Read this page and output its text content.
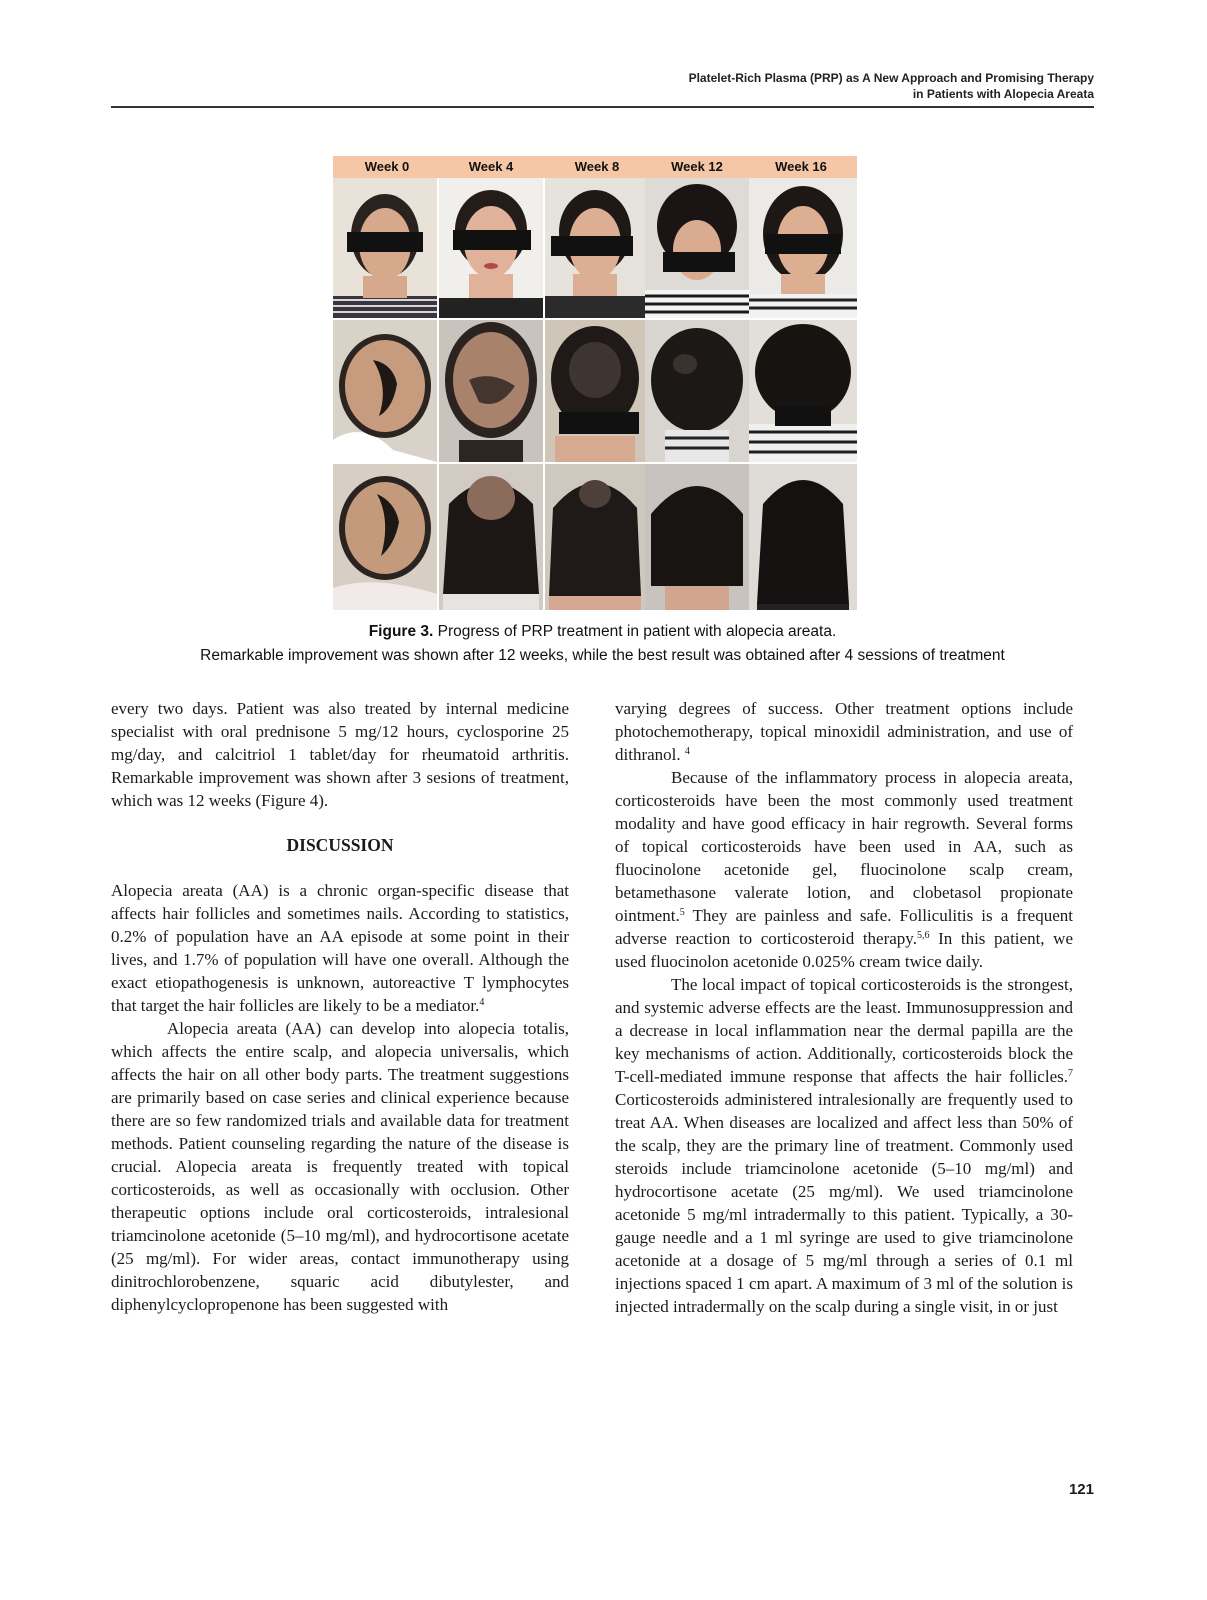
Platelet-Rich Plasma (PRP) as A New Approach and Promising Therapy
in Patients with Alopecia Areata
Week 0	Week 4	Week 8	Week 12	Week 16
Figure 3. Progress of PRP treatment in patient with alopecia areata.
Remarkable improvement was shown after 12 weeks, while the best result was obtained after 4 sessions of treatment

every two days. Patient was also treated by internal medicine specialist with oral prednisone 5 mg/12 hours, cyclosporine 25 mg/day, and calcitriol 1 tablet/day for rheumatoid arthritis. Remarkable improvement was shown after 3 sesions of treatment, which was 12 weeks (Figure 4).

DISCUSSION

Alopecia areata (AA) is a chronic organ-specific disease that affects hair follicles and sometimes nails. According to statistics, 0.2% of population have an AA episode at some point in their lives, and 1.7% of population will have one overall. Although the exact etiopathogenesis is unknown, autoreactive T lymphocytes that target the hair follicles are likely to be a mediator.$^4$

Alopecia areata (AA) can develop into alopecia totalis, which affects the entire scalp, and alopecia universalis, which affects the hair on all other body parts. The treatment suggestions are primarily based on case series and clinical experience because there are so few randomized trials and available data for treatment methods. Patient counseling regarding the nature of the disease is crucial. Alopecia areata is frequently treated with topical corticosteroids, as well as occasionally with occlusion. Other therapeutic options include oral corticosteroids, intralesional triamcinolone acetonide (5–10 mg/ml), and hydrocortisone acetate (25 mg/ml). For wider areas, contact immunotherapy using dinitrochlorobenzene, squaric acid dibutylester, and diphenylcyclopropenone has been suggested with

varying degrees of success. Other treatment options include photochemotherapy, topical minoxidil administration, and use of dithranol. $^4$

Because of the inflammatory process in alopecia areata, corticosteroids have been the most commonly used treatment modality and have good efficacy in hair regrowth. Several forms of topical corticosteroids have been used in AA, such as fluocinolone acetonide gel, fluocinolone scalp cream, betamethasone valerate lotion, and clobetasol propionate ointment.$^5$ They are painless and safe. Folliculitis is a frequent adverse reaction to corticosteroid therapy.$^{5,6}$ In this patient, we used fluocinolon acetonide 0.025% cream twice daily.

The local impact of topical corticosteroids is the strongest, and systemic adverse effects are the least. Immunosuppression and a decrease in local inflammation near the dermal papilla are the key mechanisms of action. Additionally, corticosteroids block the T-cell-mediated immune response that affects the hair follicles.$^7$ Corticosteroids administered intralesionally are frequently used to treat AA. When diseases are localized and affect less than 50% of the scalp, they are the primary line of treatment. Commonly used steroids include triamcinolone acetonide (5–10 mg/ml) and hydrocortisone acetate (25 mg/ml). We used triamcinolone acetonide 5 mg/ml intradermally to this patient. Typically, a 30-gauge needle and a 1 ml syringe are used to give triamcinolone acetonide at a dosage of 5 mg/ml through a series of 0.1 ml injections spaced 1 cm apart. A maximum of 3 ml of the solution is injected intradermally on the scalp during a single visit, in or just

121
